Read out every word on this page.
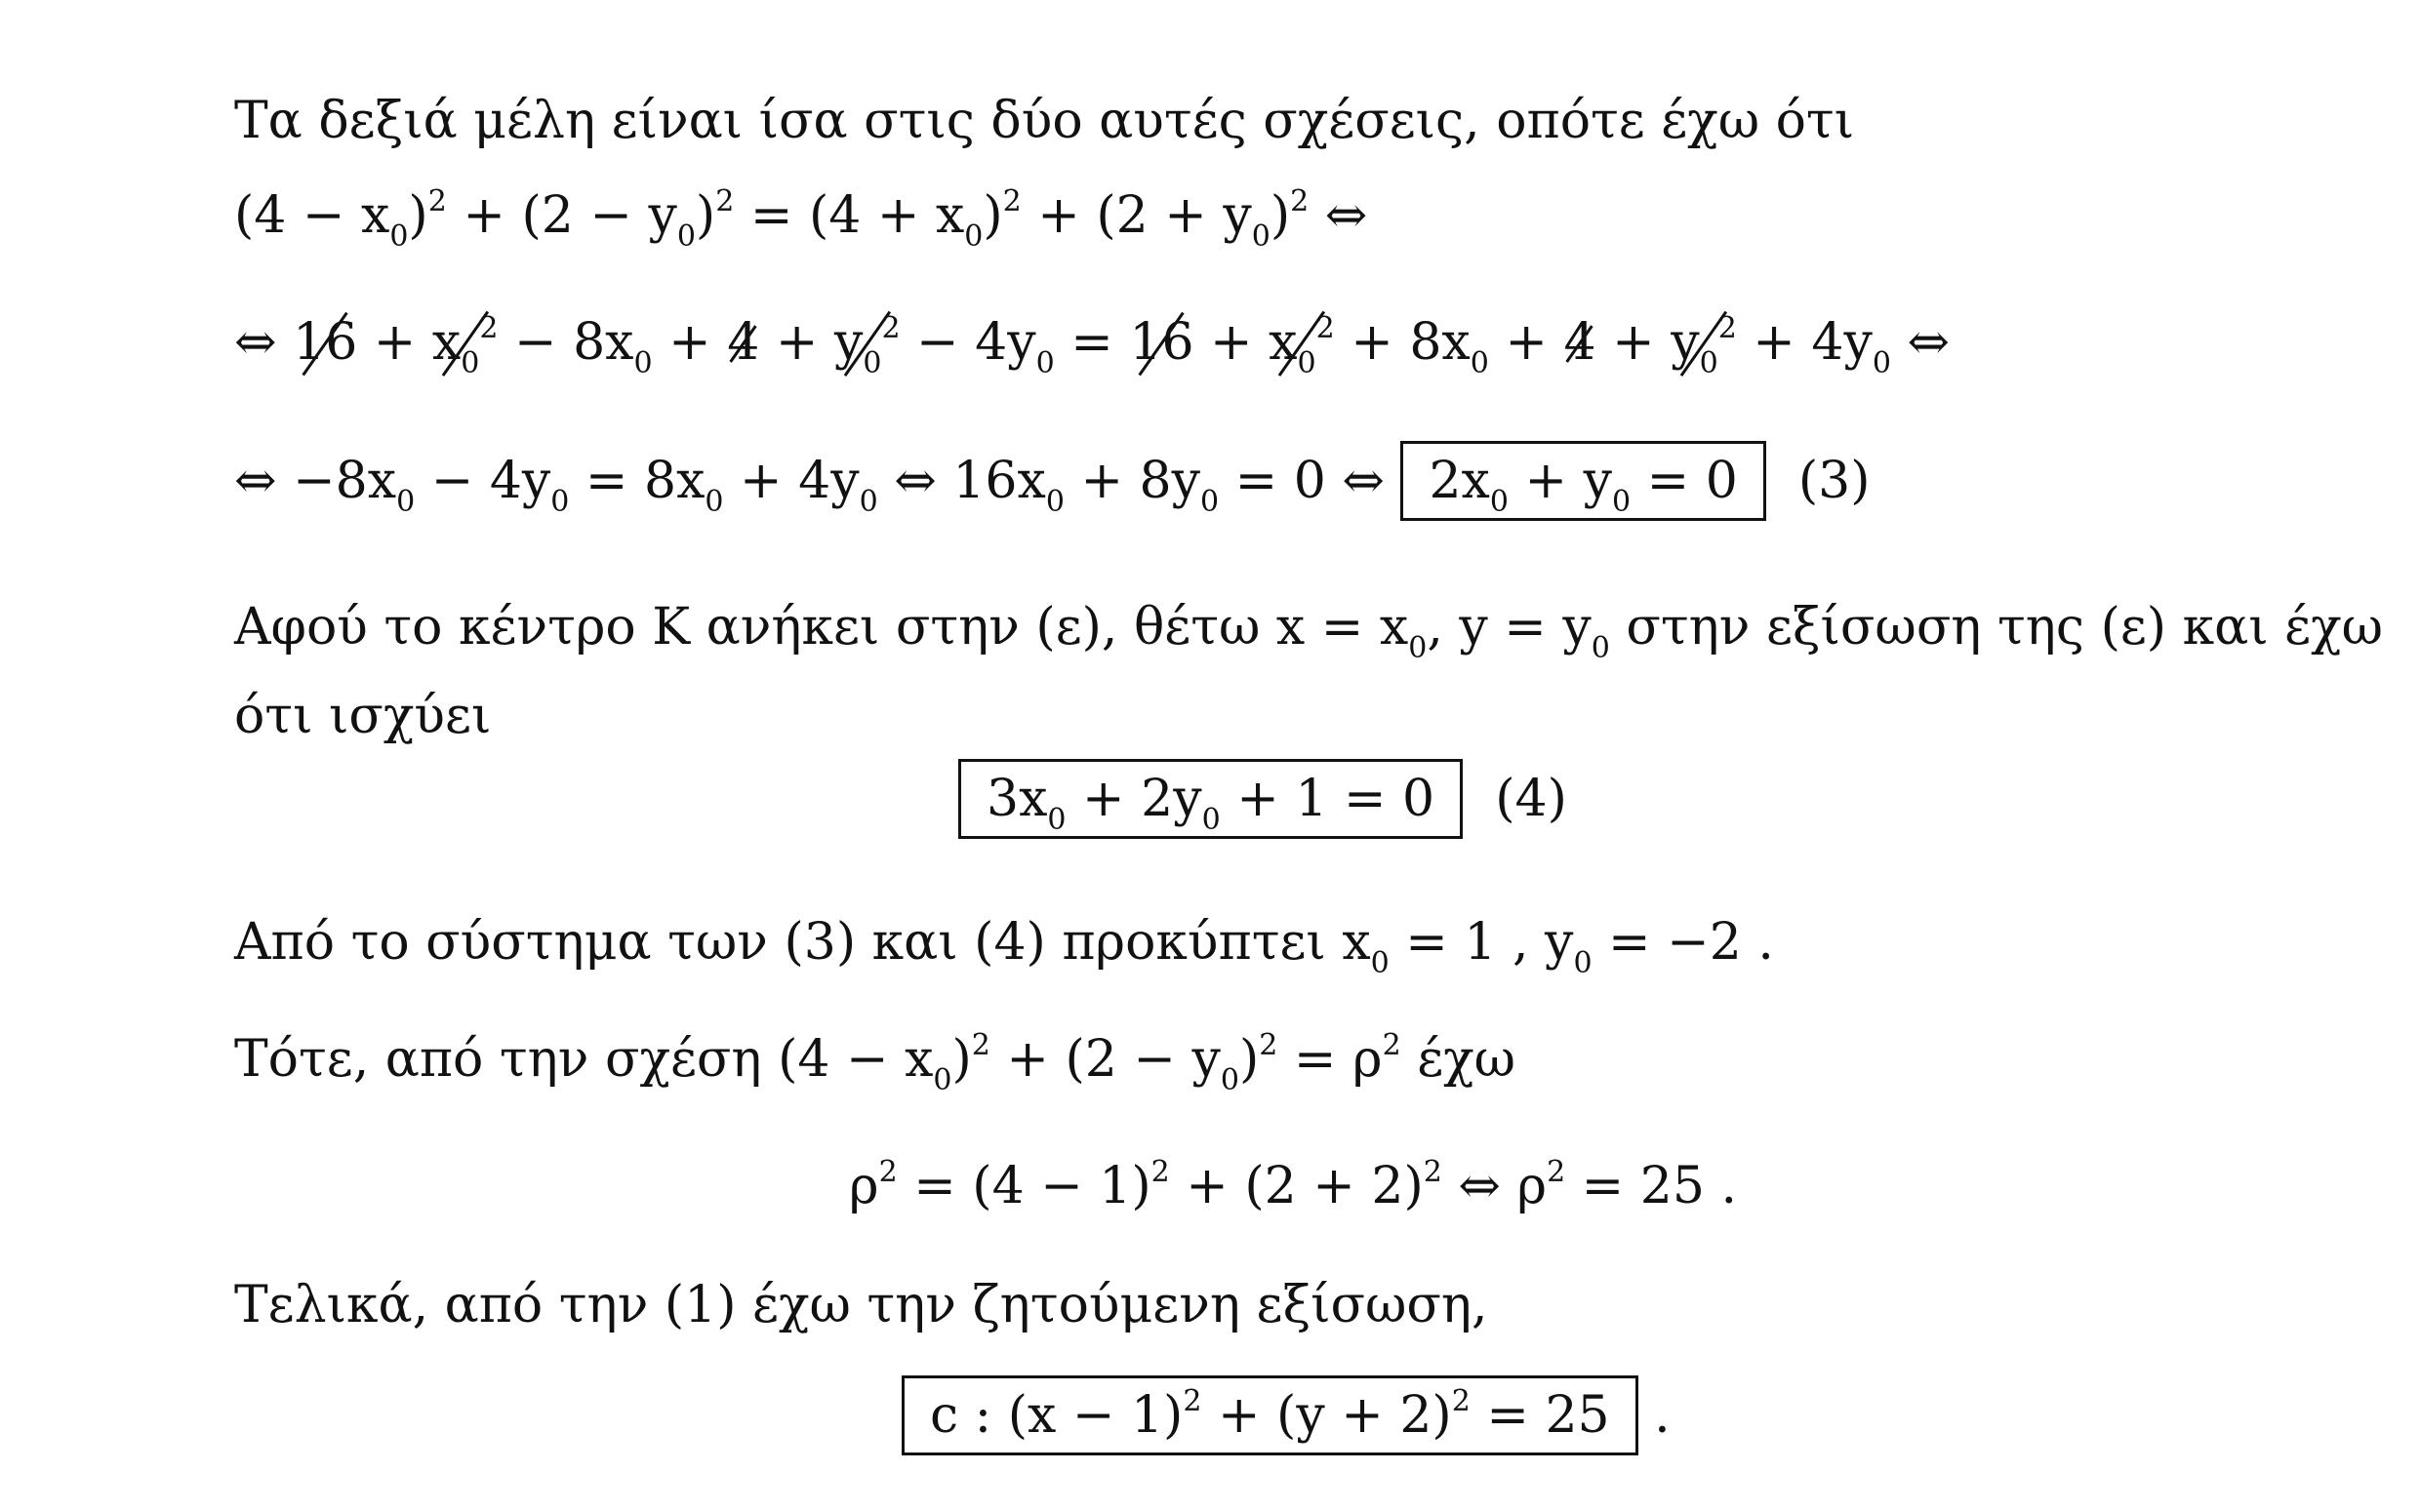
Τα δεξιά μέλη είναι ίσα στις δύο αυτές σχέσεις, οπότε έχω ότι
$(4 - x_0)^2 + (2 - y_0)^2 = (4 + x_0)^2 + (2 + y_0)^2$ ⇔
⇔ $16 + x_0^2 - 8x_0 + 4 + y_0^2 - 4y_0 = 16 + x_0^2 + 8x_0 + 4 + y_0^2 + 4y_0$ ⇔
⇔ $-8x_0 - 4y_0 = 8x_0 + 4y_0$ ⇔ $16x_0 + 8y_0 = 0$ ⇔ $2x_0 + y_0 = 0$ (3)
Αφού το κέντρο Κ ανήκει στην (ε), θέτω $x = x_0$, $y = y_0$ στην εξίσωση της (ε) και έχω
ότι ισχύει
$3x_0 + 2y_0 + 1 = 0$ (4)
Από το σύστημα των (3) και (4) προκύπτει $x_0 = 1$ , $y_0 = -2$ .
Τότε, από την σχέση $(4 - x_0)^2 + (2 - y_0)^2 = \rho^2$ έχω
$\rho^2 = (4 - 1)^2 + (2 + 2)^2$ ⇔ $\rho^2 = 25$ .
Τελικά, από την (1) έχω την ζητούμενη εξίσωση,
c : $(x - 1)^2 + (y + 2)^2 = 25$ .
